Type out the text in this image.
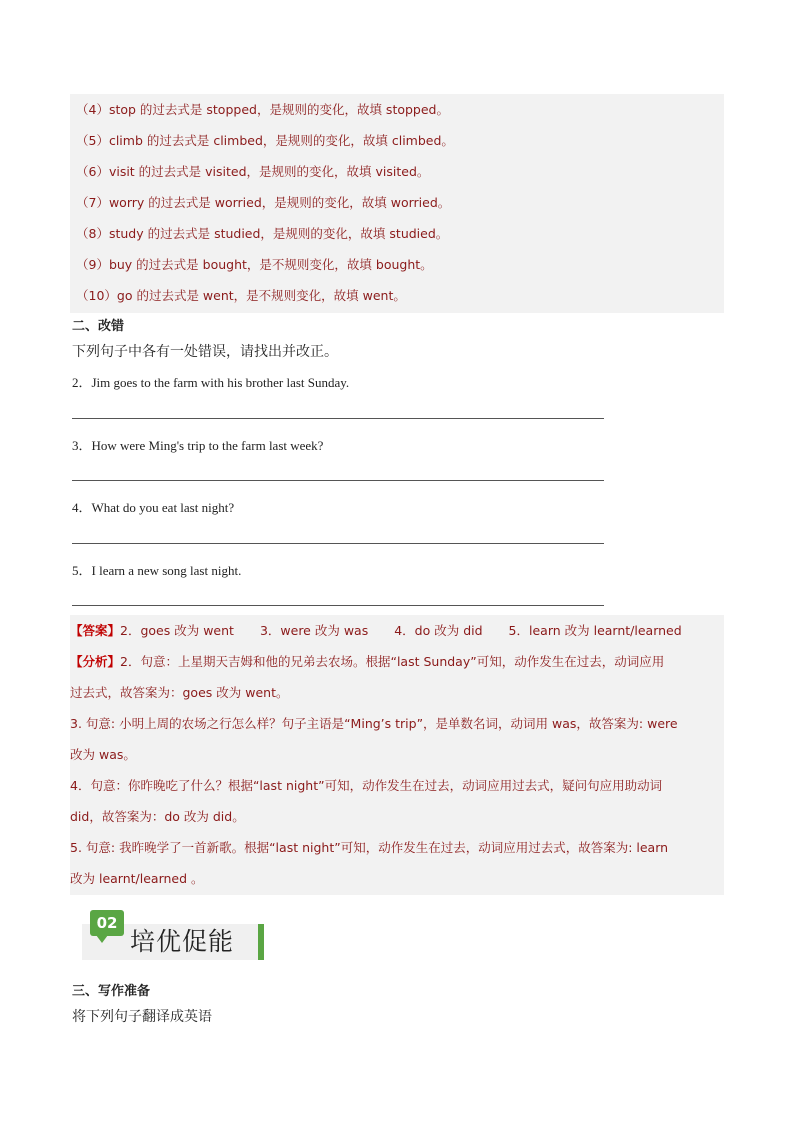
（4）stop 的过去式是 stopped，是规则的变化，故填 stopped。
（5）climb 的过去式是 climbed，是规则的变化，故填 climbed。
（6）visit 的过去式是 visited，是规则的变化，故填 visited。
（7）worry 的过去式是 worried，是规则的变化，故填 worried。
（8）study 的过去式是 studied，是规则的变化，故填 studied。
（9）buy 的过去式是 bought，是不规则变化，故填 bought。
（10）go 的过去式是 went，是不规则变化，故填 went。
二、改错
下列句子中各有一处错误，请找出并改正。
2．Jim goes to the farm with his brother last Sunday.
3．How were Ming's trip to the farm last week?
4．What do you eat last night?
5．I learn a new song last night.
【答案】2．goes 改为 went 3．were 改为 was 4．do 改为 did 5．learn 改为 learnt/learned
【分析】2．句意：上星期天吉姆和他的兄弟去农场。根据“last Sunday”可知，动作发生在过去，动词应用
过去式，故答案为：goes 改为 went。
3. 句意: 小明上周的农场之行怎么样？句子主语是“Ming’s trip”，是单数名词，动词用 was，故答案为: were
改为 was。
4．句意：你昨晚吃了什么？根据“last night”可知，动作发生在过去，动词应用过去式，疑问句应用助动词
did，故答案为：do 改为 did。
5. 句意: 我昨晚学了一首新歌。根据“last night”可知，动作发生在过去，动词应用过去式，故答案为: learn
改为 learnt/learned 。
02
培优促能
三、写作准备
将下列句子翻译成英语
